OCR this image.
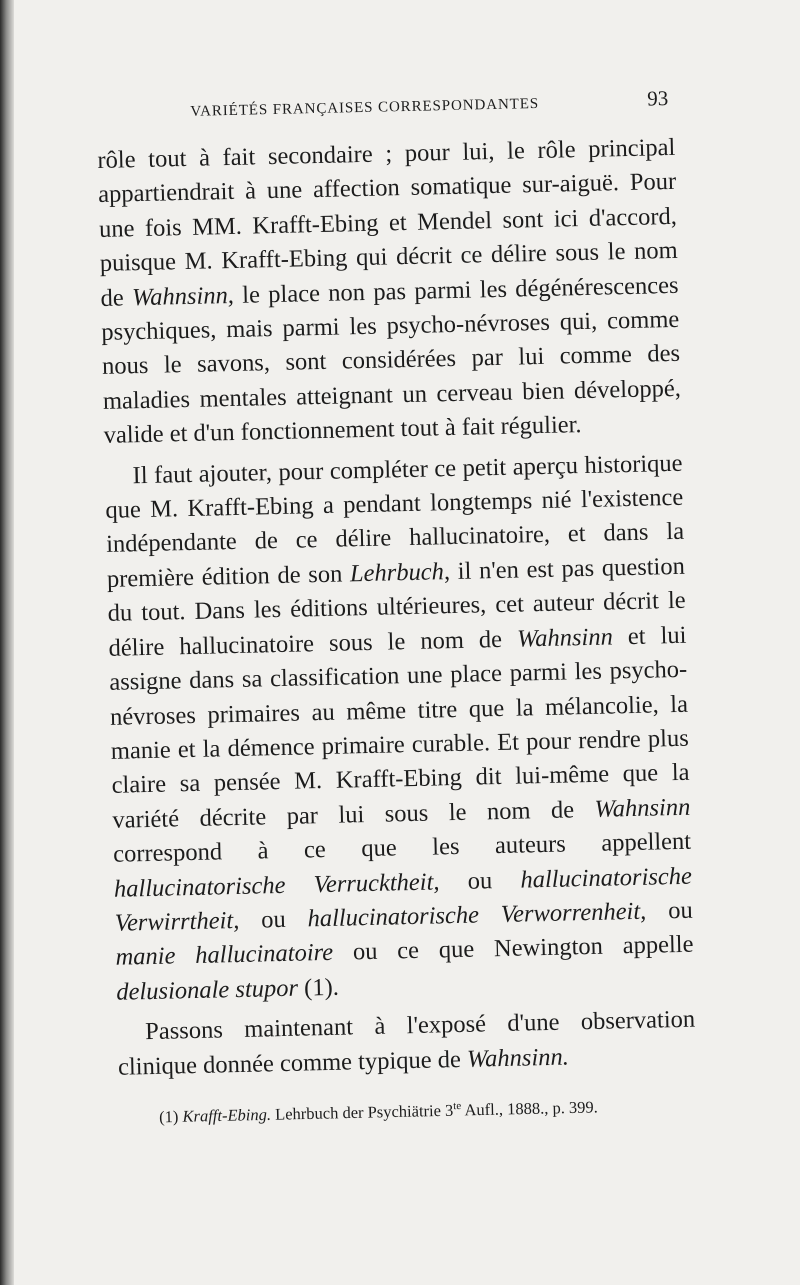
VARIÉTÉS FRANÇAISES CORRESPONDANTES	93

rôle tout à fait secondaire ; pour lui, le rôle principal appartiendrait à une affection somatique sur-aiguë. Pour une fois MM. Krafft-Ebing et Mendel sont ici d'accord, puisque M. Krafft-Ebing qui décrit ce délire sous le nom de Wahnsinn, le place non pas parmi les dégénérescences psychiques, mais parmi les psycho-névroses qui, comme nous le savons, sont considérées par lui comme des maladies mentales atteignant un cerveau bien développé, valide et d'un fonctionnement tout à fait régulier.

Il faut ajouter, pour compléter ce petit aperçu historique que M. Krafft-Ebing a pendant longtemps nié l'existence indépendante de ce délire hallucinatoire, et dans la première édition de son Lehrbuch, il n'en est pas question du tout. Dans les éditions ultérieures, cet auteur décrit le délire hallucinatoire sous le nom de Wahnsinn et lui assigne dans sa classification une place parmi les psycho-névroses primaires au même titre que la mélancolie, la manie et la démence primaire curable. Et pour rendre plus claire sa pensée M. Krafft-Ebing dit lui-même que la variété décrite par lui sous le nom de Wahnsinn correspond à ce que les auteurs appellent hallucinatorische Verrucktheit, ou hallucinatorische Verwirrtheit, ou hallucinatorische Verworrenheit, ou manie hallucinatoire ou ce que Newington appelle delusionale stupor (1).

Passons maintenant à l'exposé d'une observation clinique donnée comme typique de Wahnsinn.

(1) Krafft-Ebing. Lehrbuch der Psychiätrie $3^{te}$ Aufl., 1888., p. 399.
